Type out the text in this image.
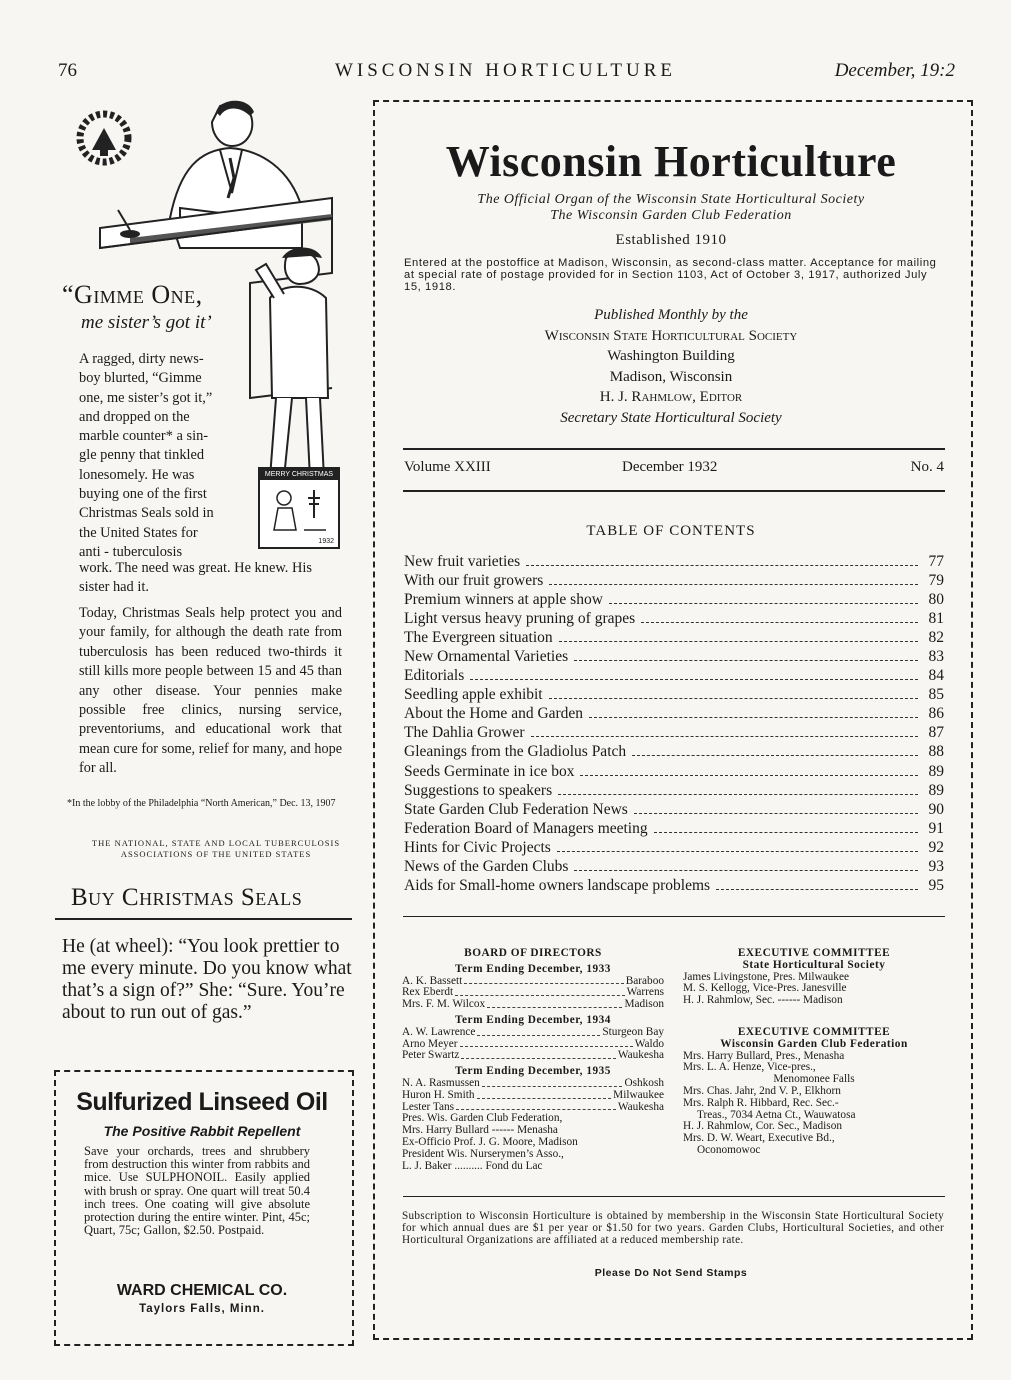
76	WISCONSIN HORTICULTURE	December, 19:2
“Gimme One,
me sister’s got it’
A ragged, dirty news-
boy blurted, “Gimme
one, me sister’s got it,”
and dropped on the
marble counter* a sin-
gle penny that tinkled
lonesomely. He was
buying one of the first
Christmas Seals sold in
the United States for
anti - tuberculosis
MERRY CHRISTMAS
1932
work. The need was great. He knew. His sister had it.
Today, Christmas Seals help protect you and your family, for although the death rate from tuberculosis has been reduced two-thirds it still kills more people between 15 and 45 than any other disease. Your pennies make possible free clinics, nursing service, preventoriums, and educational work that mean cure for some, relief for many, and hope for all.
*In the lobby of the Philadelphia “North American,” Dec. 13, 1907
THE NATIONAL, STATE AND LOCAL TUBERCULOSIS ASSOCIATIONS OF THE UNITED STATES
Buy Christmas Seals
He (at wheel): “You look prettier to me every minute. Do you know what that’s a sign of?” She: “Sure. You’re about to run out of gas.”
Sulfurized Linseed Oil
The Positive Rabbit Repellent
Save your orchards, trees and shrubbery from destruction this winter from rabbits and mice. Use SULPHONOIL. Easily applied with brush or spray. One quart will treat 50.4 inch trees. One coating will give absolute protection during the entire winter. Pint, 45c; Quart, 75c; Gallon, $2.50. Postpaid.
WARD CHEMICAL CO.
Taylors Falls, Minn.
Wisconsin Horticulture
The Official Organ of the Wisconsin State Horticultural Society
The Wisconsin Garden Club Federation
Established 1910
Entered at the postoffice at Madison, Wisconsin, as second-class matter. Acceptance for mailing at special rate of postage provided for in Section 1103, Act of October 3, 1917, authorized July 15, 1918.
Published Monthly by the
Wisconsin State Horticultural Society
Washington Building
Madison, Wisconsin
H. J. Rahmlow, Editor
Secretary State Horticultural Society
Volume XXIII	December 1932	No. 4
TABLE OF CONTENTS
New fruit varieties	77
With our fruit growers	79
Premium winners at apple show	80
Light versus heavy pruning of grapes	81
The Evergreen situation	82
New Ornamental Varieties	83
Editorials	84
Seedling apple exhibit	85
About the Home and Garden	86
The Dahlia Grower	87
Gleanings from the Gladiolus Patch	88
Seeds Germinate in ice box	89
Suggestions to speakers	89
State Garden Club Federation News	90
Federation Board of Managers meeting	91
Hints for Civic Projects	92
News of the Garden Clubs	93
Aids for Small-home owners landscape problems	95
BOARD OF DIRECTORS
Term Ending December, 1933
A. K. Bassett	Baraboo
Rex Eberdt	Warrens
Mrs. F. M. Wilcox	Madison
Term Ending December, 1934
A. W. Lawrence	Sturgeon Bay
Arno Meyer	Waldo
Peter Swartz	Waukesha
Term Ending December, 1935
N. A. Rasmussen	Oshkosh
Huron H. Smith	Milwaukee
Lester Tans	Waukesha
Pres. Wis. Garden Club Federation,
Mrs. Harry Bullard ------ Menasha
Ex-Officio Prof. J. G. Moore, Madison
President Wis. Nurserymen’s Asso.,
L. J. Baker .......... Fond du Lac
EXECUTIVE COMMITTEE
State Horticultural Society
James Livingstone, Pres. Milwaukee
M. S. Kellogg, Vice-Pres. Janesville
H. J. Rahmlow, Sec. ------ Madison
EXECUTIVE COMMITTEE
Wisconsin Garden Club Federation
Mrs. Harry Bullard, Pres., Menasha
Mrs. L. A. Henze, Vice-pres.,
Menomonee Falls
Mrs. Chas. Jahr, 2nd V. P., Elkhorn
Mrs. Ralph R. Hibbard, Rec. Sec.-
Treas., 7034 Aetna Ct., Wauwatosa
H. J. Rahmlow, Cor. Sec., Madison
Mrs. D. W. Weart, Executive Bd.,
Oconomowoc
Subscription to Wisconsin Horticulture is obtained by membership in the Wisconsin State Horticultural Society for which annual dues are $1 per year or $1.50 for two years. Garden Clubs, Horticultural Societies, and other Horticultural Organizations are affiliated at a reduced membership rate.
Please Do Not Send Stamps
